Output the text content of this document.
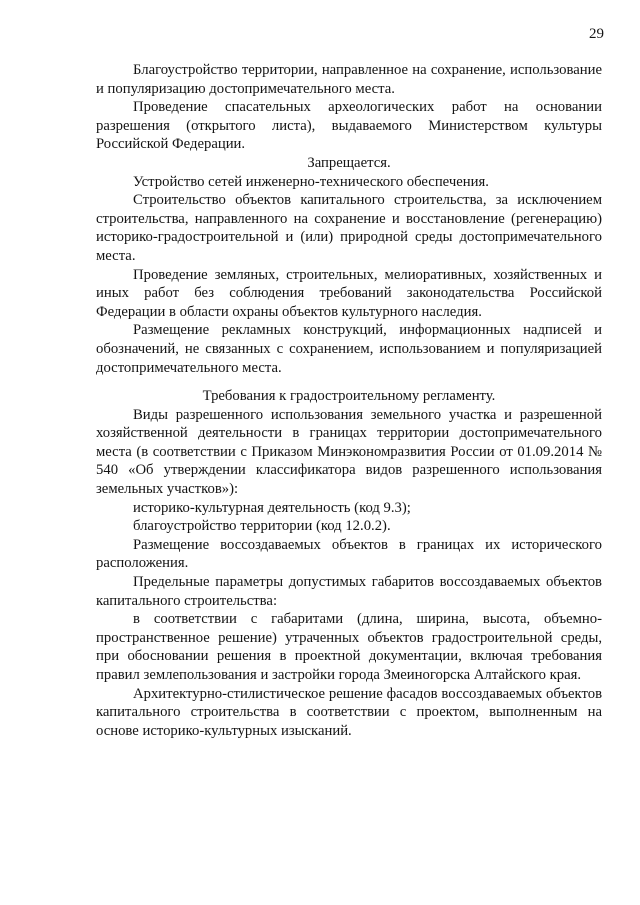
29

Благоустройство территории, направленное на сохранение, использование и популяризацию достопримечательного места.

Проведение спасательных археологических работ на основании разрешения (открытого листа), выдаваемого Министерством культуры Российской Федерации.

Запрещается.

Устройство сетей инженерно-технического обеспечения.

Строительство объектов капитального строительства, за исключением строительства, направленного на сохранение и восстановление (регенерацию) историко-градостроительной и (или) природной среды достопримечательного места.

Проведение земляных, строительных, мелиоративных, хозяйственных и иных работ без соблюдения требований законодательства Российской Федерации в области охраны объектов культурного наследия.

Размещение рекламных конструкций, информационных надписей и обозначений, не связанных с сохранением, использованием и популяризацией достопримечательного места.

Требования к градостроительному регламенту.

Виды разрешенного использования земельного участка и разрешенной хозяйственной деятельности в границах территории достопримечательного места (в соответствии с Приказом Минэкономразвития России от 01.09.2014 № 540 «Об утверждении классификатора видов разрешенного использования земельных участков»):

историко-культурная деятельность (код 9.3);

благоустройство территории (код 12.0.2).

Размещение воссоздаваемых объектов в границах их исторического расположения.

Предельные параметры допустимых габаритов воссоздаваемых объектов капитального строительства:

в соответствии с габаритами (длина, ширина, высота, объемно-пространственное решение) утраченных объектов градостроительной среды, при обосновании решения в проектной документации, включая требования правил землепользования и застройки города Змеиногорска Алтайского края.

Архитектурно-стилистическое решение фасадов воссоздаваемых объектов капитального строительства в соответствии с проектом, выполненным на основе историко-культурных изысканий.
